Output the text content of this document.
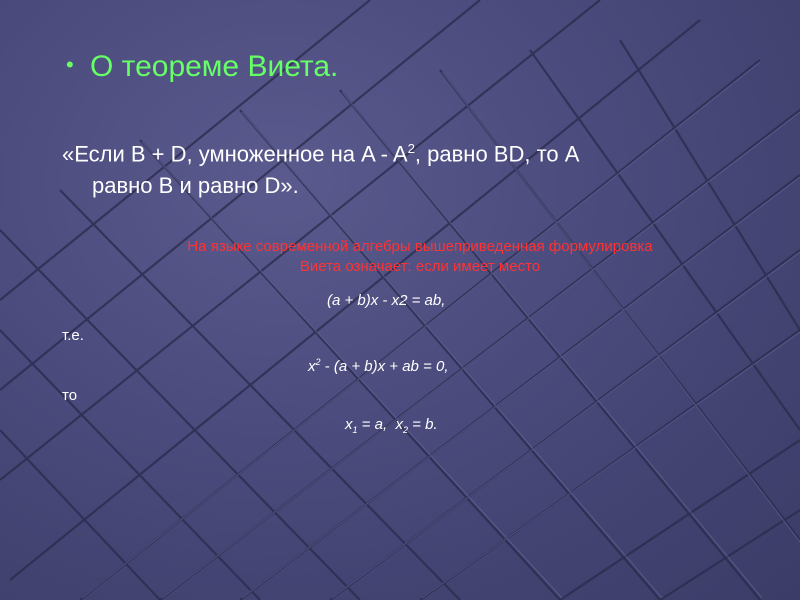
• О теореме Виета.
«Если B + D, умноженное на A - $A^2$, равно BD, то A
равно B и равно D».
На языке современной алгебры вышеприведенная формулировка
Виета означает: если имеет место
(a + b)x - x2 = ab,
т.е.
$x^2 - (a + b)x$ + ab = 0,
то
$x_1 = a$,  $x_2 = b$.
